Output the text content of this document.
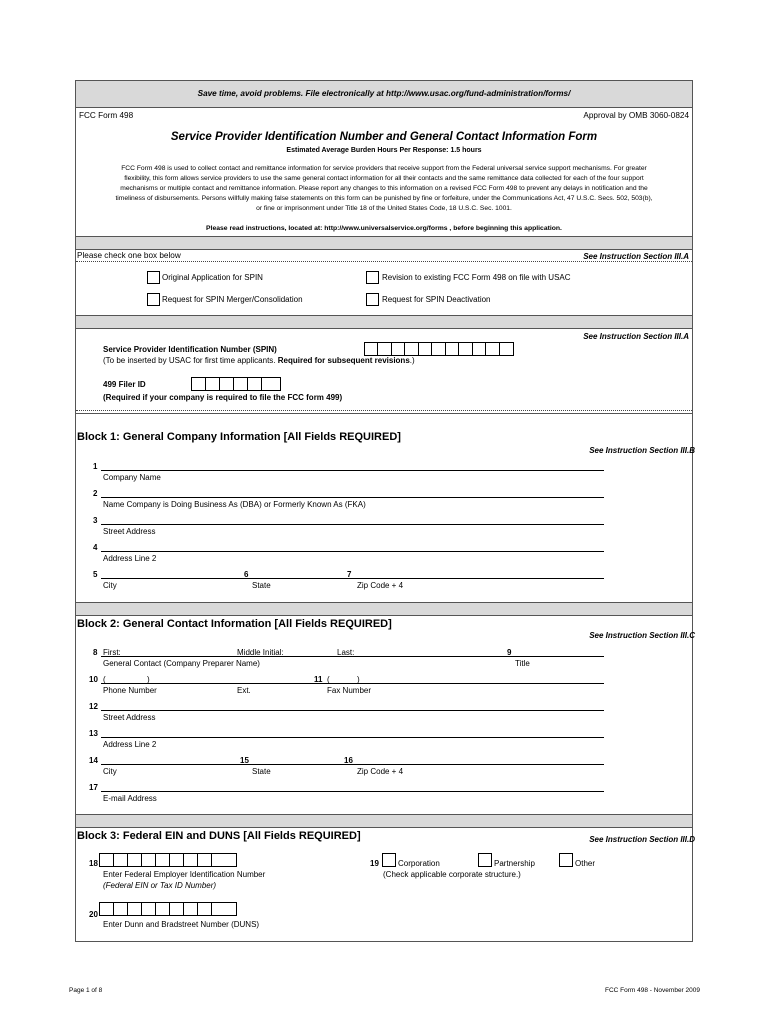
Save time, avoid problems. File electronically at http://www.usac.org/fund-administration/forms/
FCC Form 498	Approval by OMB 3060-0824
Service Provider Identification Number and General Contact Information Form
Estimated Average Burden Hours Per Response: 1.5 hours
FCC Form 498 is used to collect contact and remittance information for service providers that receive support from the Federal universal service support mechanisms. For greater
flexibility, this form allows service providers to use the same general contact information for all their contacts and the same remittance data collected for each of the four support
mechanisms or multiple contact and remittance information. Please report any changes to this information on a revised FCC Form 498 to prevent any delays in notification and the
timeliness of disbursements. Persons willfully making false statements on this form can be punished by fine or forfeiture, under the Communications Act, 47 U.S.C. Secs. 502, 503(b),
or fine or imprisonment under Title 18 of the United States Code, 18 U.S.C. Sec. 1001.
Please read instructions, located at: http://www.universalservice.org/forms , before beginning this application.
Please check one box below	See Instruction Section III.A
Original Application for SPIN	Revision to existing FCC Form 498 on file with USAC
Request for SPIN Merger/Consolidation	Request for SPIN Deactivation
See Instruction Section III.A
Service Provider Identification Number (SPIN)
(To be inserted by USAC for first time applicants. Required for subsequent revisions.)
499 Filer ID
(Required if your company is required to file the FCC form 499)
Block 1: General Company Information [All Fields REQUIRED]
See Instruction Section III.B
1
Company Name
2
Name Company is Doing Business As (DBA) or Formerly Known As (FKA)
3
Street Address
4
Address Line 2
5	6	7
City	State	Zip Code + 4
Block 2: General Contact Information [All Fields REQUIRED]
See Instruction Section III.C
8 First:	Middle Initial:	Last:	9
General Contact (Company Preparer Name)	Title
10 (	)	11 (	)
Phone Number	Ext.	Fax Number
12
Street Address
13
Address Line 2
14	15	16
City	State	Zip Code + 4
17
E-mail Address
Block 3: Federal EIN and DUNS [All Fields REQUIRED]	See Instruction Section III.D
18
Enter Federal Employer Identification Number
(Federal EIN or Tax ID Number)
19 Corporation	Partnership	Other
(Check applicable corporate structure.)
20
Enter Dunn and Bradstreet Number (DUNS)
Page 1 of 8	FCC Form 498 - November 2009
